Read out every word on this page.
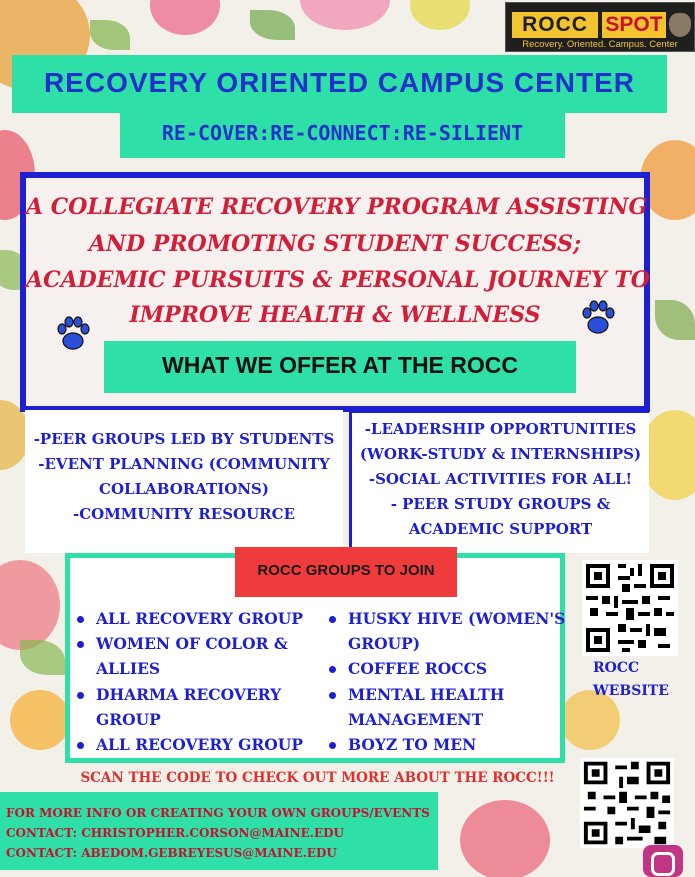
ROCC SPOT
Recovery. Oriented. Campus. Center
RECOVERY ORIENTED CAMPUS CENTER
RE-COVER:RE-CONNECT:RE-SILIENT
A COLLEGIATE RECOVERY PROGRAM ASSISTING
AND PROMOTING STUDENT SUCCESS;
ACADEMIC PURSUITS & PERSONAL JOURNEY TO
IMPROVE HEALTH & WELLNESS
WHAT WE OFFER AT THE ROCC
-PEER GROUPS LED BY STUDENTS
-EVENT PLANNING (COMMUNITY
COLLABORATIONS)
-COMMUNITY RESOURCE
-LEADERSHIP OPPORTUNITIES
(WORK-STUDY & INTERNSHIPS)
-SOCIAL ACTIVITIES FOR ALL!
- PEER STUDY GROUPS &
ACADEMIC SUPPORT
ROCC GROUPS TO JOIN
ALL RECOVERY GROUP
WOMEN OF COLOR &
ALLIES
DHARMA RECOVERY
GROUP
ALL RECOVERY GROUP
HUSKY HIVE (WOMEN'S
GROUP)
COFFEE ROCCS
MENTAL HEALTH
MANAGEMENT
BOYZ TO MEN
ROCC
WEBSITE
SCAN THE CODE TO CHECK OUT MORE ABOUT THE ROCC!!!
FOR MORE INFO OR CREATING YOUR OWN GROUPS/EVENTS
CONTACT: CHRISTOPHER.CORSON@MAINE.EDU
CONTACT: ABEDOM.GEBREYESUS@MAINE.EDU
